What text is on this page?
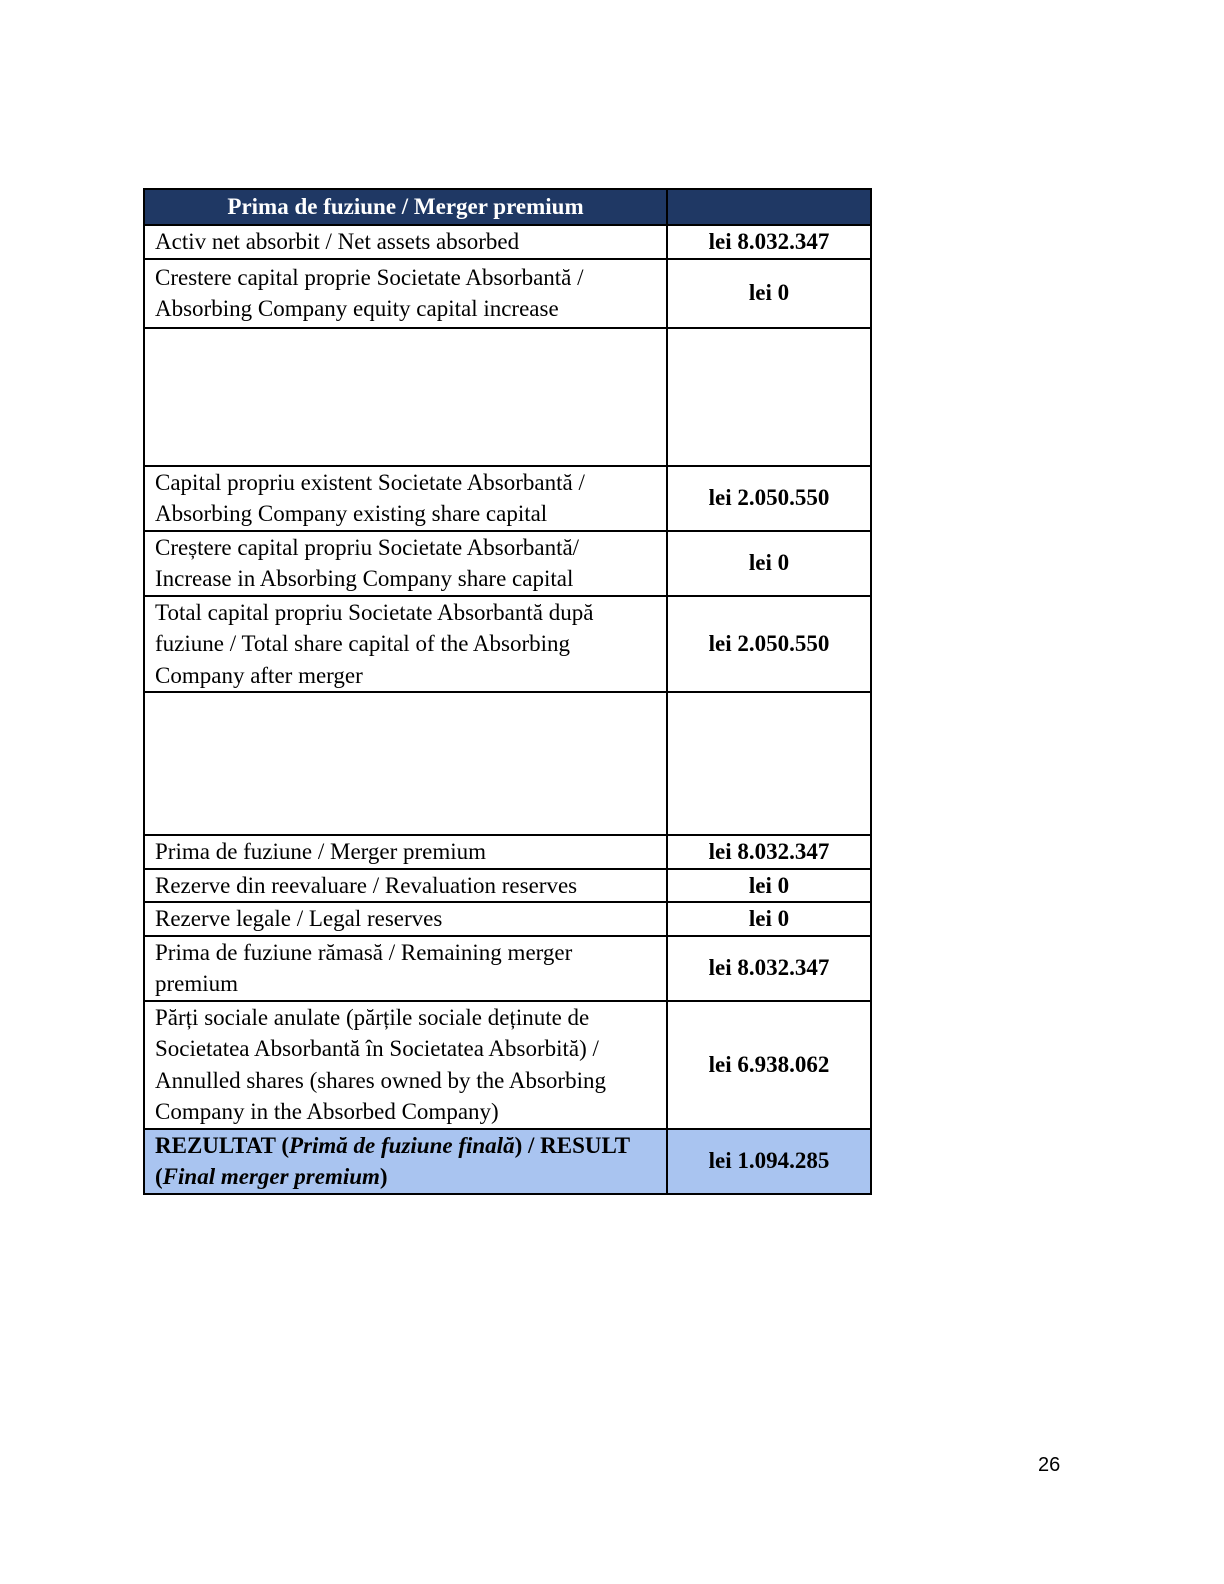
Prima de fuziune / Merger premium	
Activ net absorbit / Net assets absorbed	lei 8.032.347
Crestere capital proprie Societate Absorbantă / Absorbing Company equity capital increase	lei 0

Capital propriu existent Societate Absorbantă / Absorbing Company existing share capital	lei 2.050.550
Creștere capital propriu Societate Absorbantă/ Increase in Absorbing Company share capital	lei 0
Total capital propriu Societate Absorbantă după fuziune / Total share capital of the Absorbing Company after merger	lei 2.050.550

Prima de fuziune / Merger premium	lei 8.032.347
Rezerve din reevaluare / Revaluation reserves	lei 0
Rezerve legale / Legal reserves	lei 0
Prima de fuziune rămasă / Remaining merger premium	lei 8.032.347
Părți sociale anulate (părțile sociale deținute de Societatea Absorbantă în Societatea Absorbită) / Annulled shares (shares owned by the Absorbing Company in the Absorbed Company)	lei 6.938.062
REZULTAT (Primă de fuziune finală) / RESULT (Final merger premium)	lei 1.094.285
26
